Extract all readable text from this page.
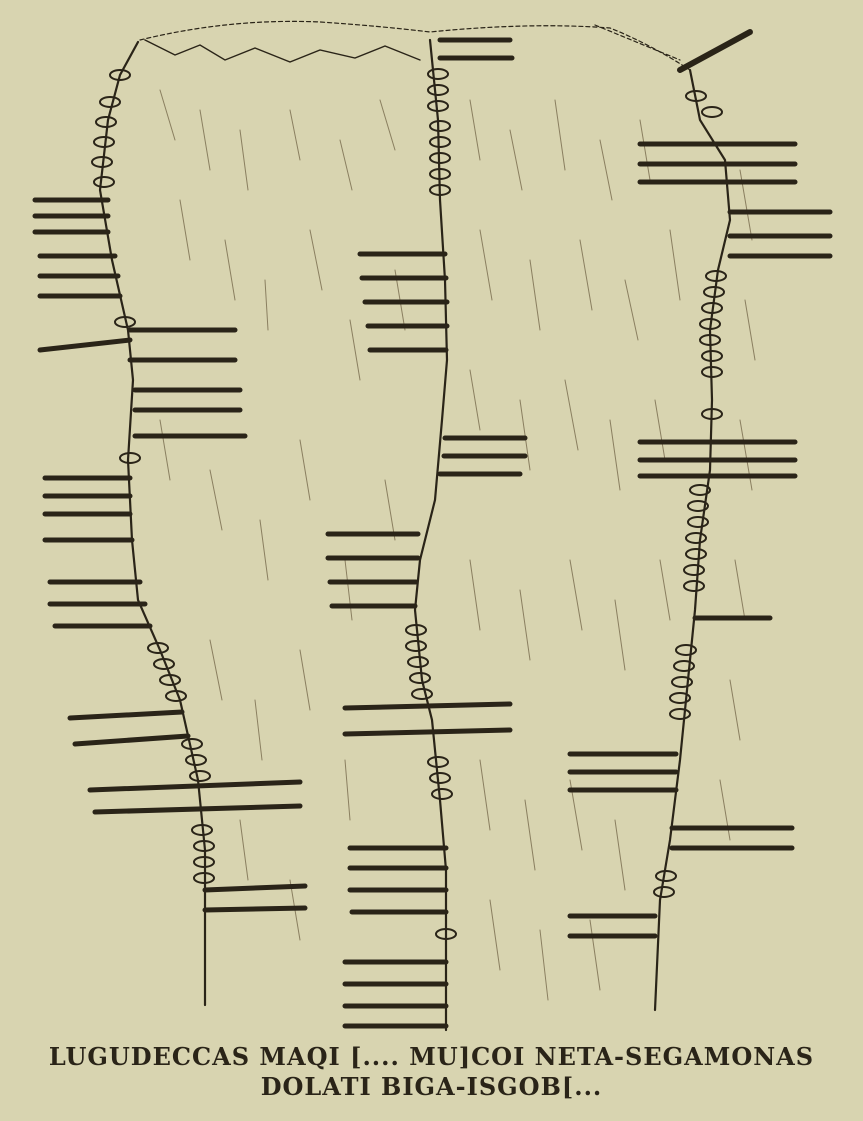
LUGUDECCAS MAQI [.... MU]COI NETA-SEGAMONAS
DOLATI BIGA-ISGOB[...
